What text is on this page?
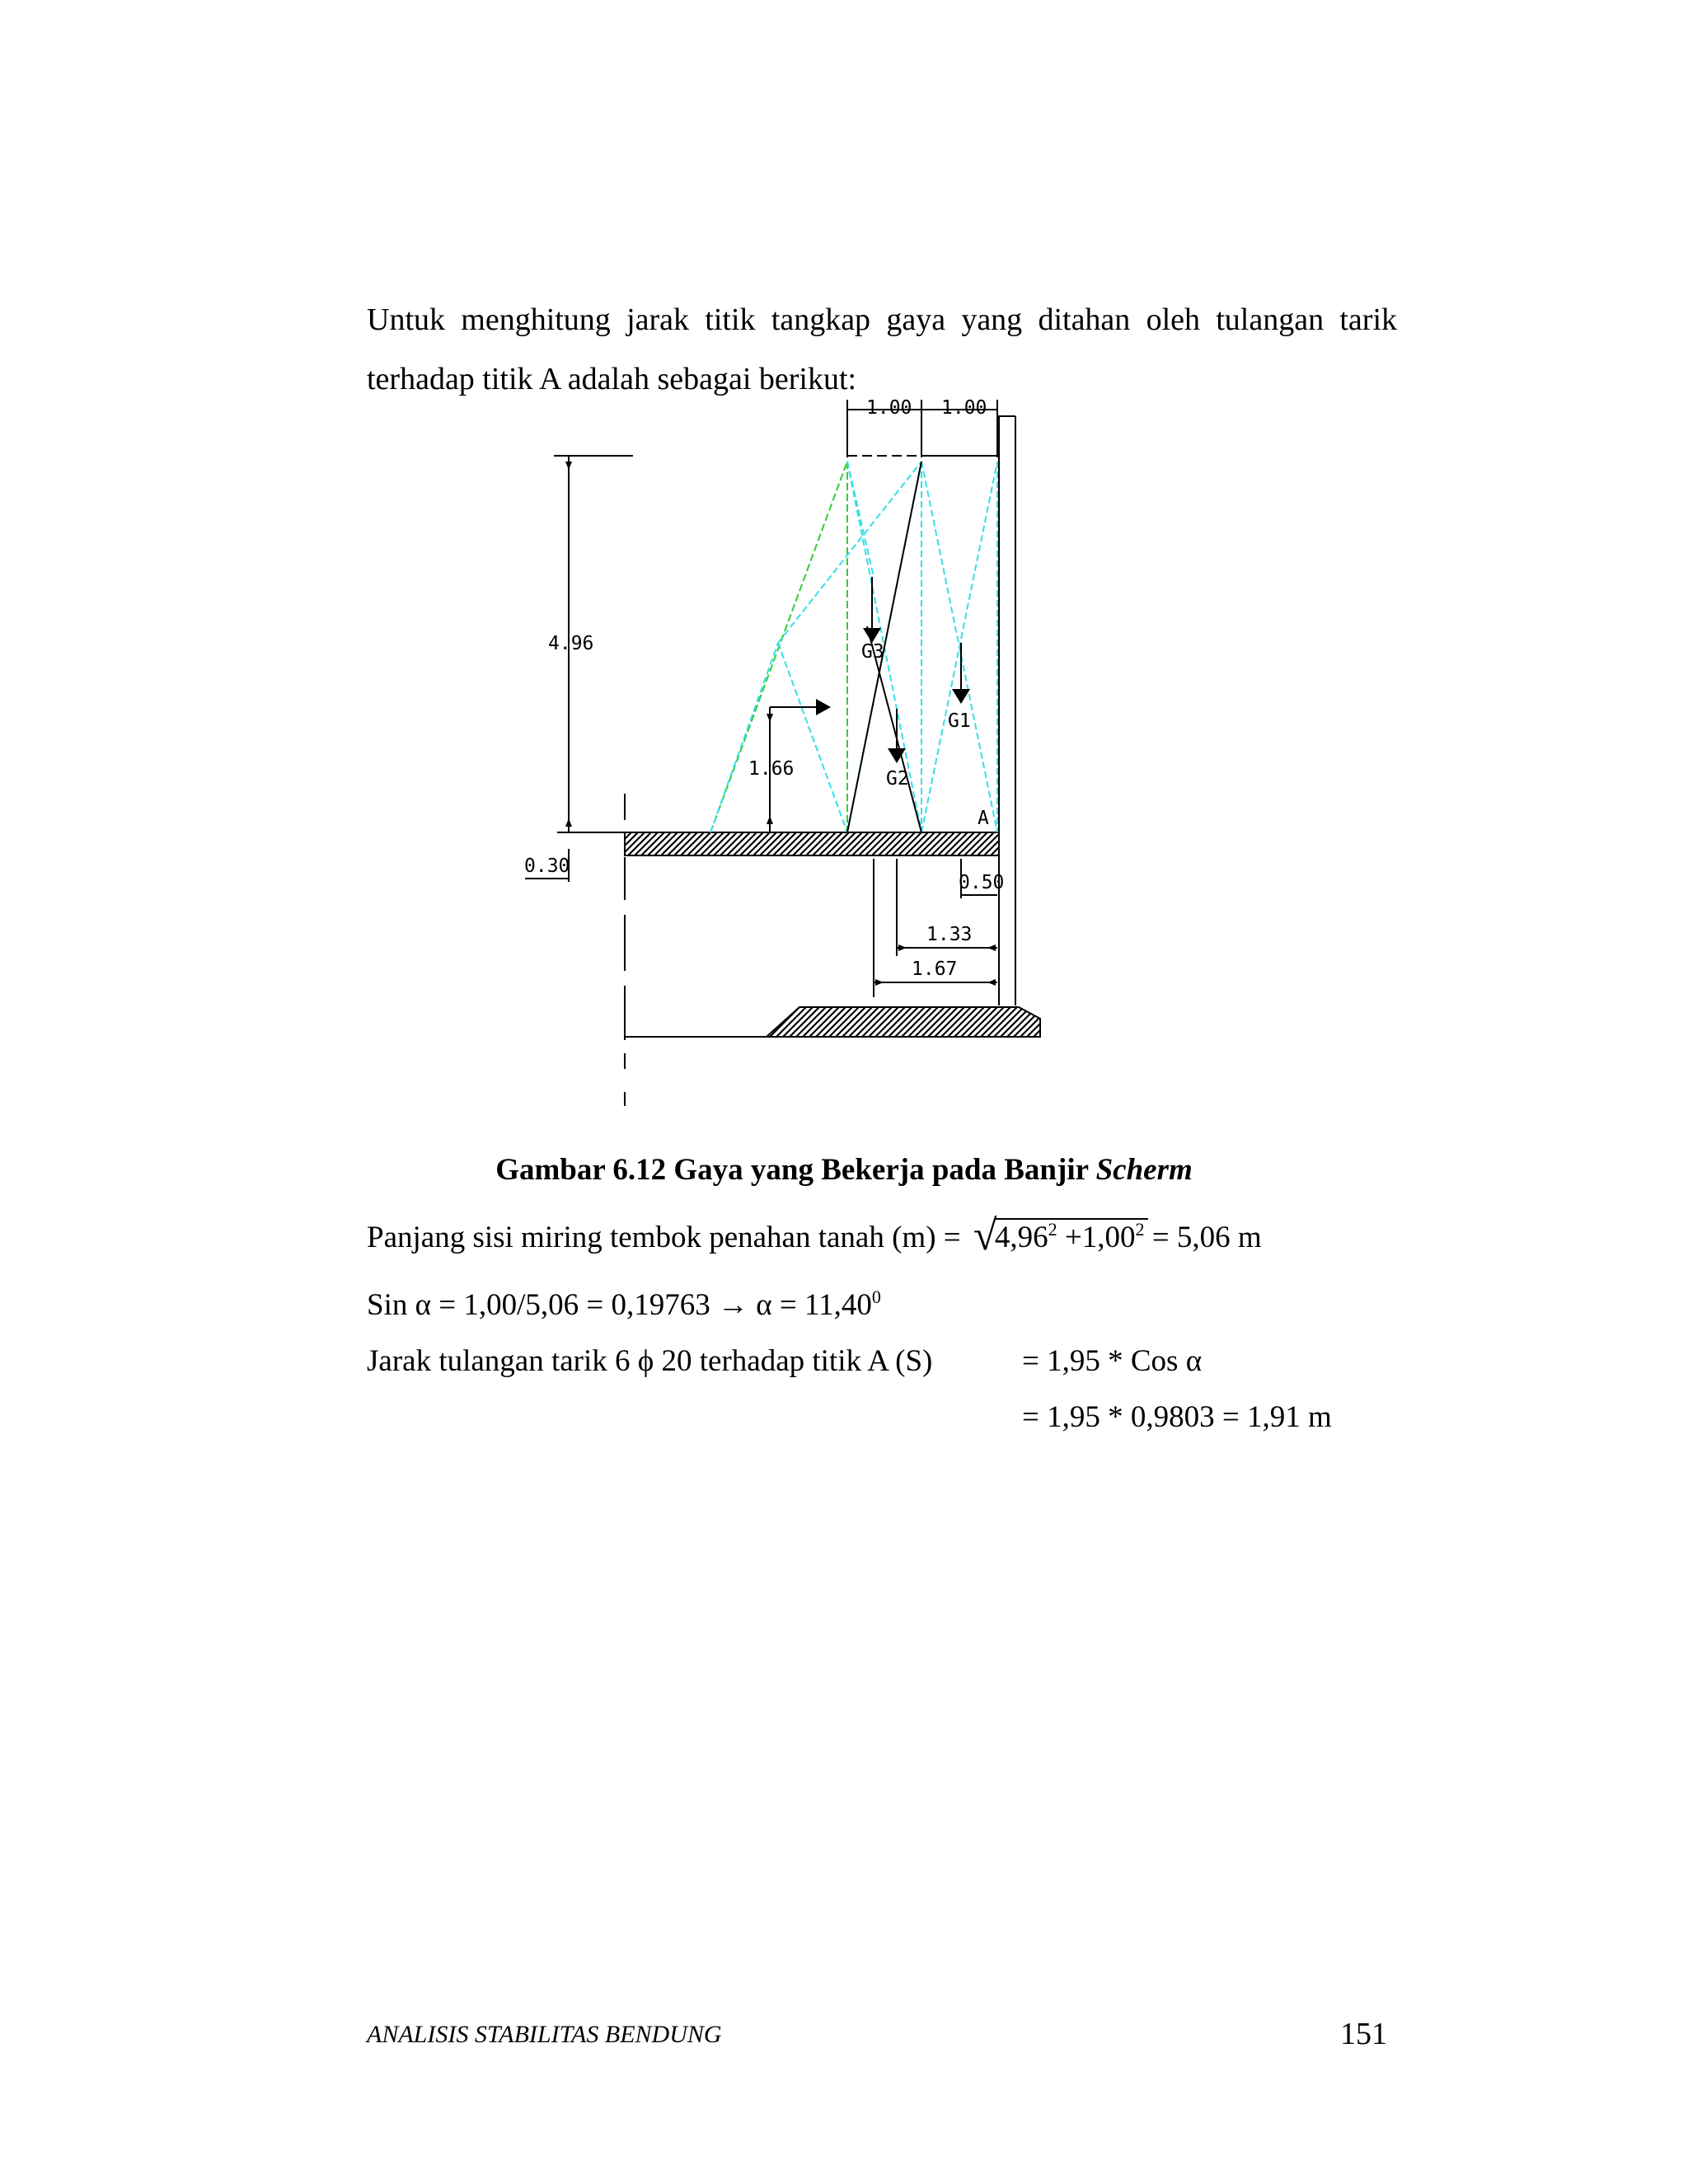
Untuk menghitung jarak titik tangkap gaya yang ditahan oleh tulangan tarik
terhadap titik A adalah sebagai berikut:
1.00 1.00
4.96
0.30
1.66
G3
G2
G1
A
0.50
1.33
1.67
Gambar 6.12 Gaya yang Bekerja pada Banjir Scherm
Panjang sisi miring tembok penahan tanah (m) = √
$4,96^2 +1,00^2 = 5,06$ m
Sin $\alpha = 1,00/5,06 = 0,19763 \to \alpha = 11,40^0$
Jarak tulangan tarik 6 ϕ 20 terhadap titik A (S)	= 1,95 * Cos α
= 1,95 * 0,9803 = 1,91 m
ANALISIS STABILITAS BENDUNG	151
